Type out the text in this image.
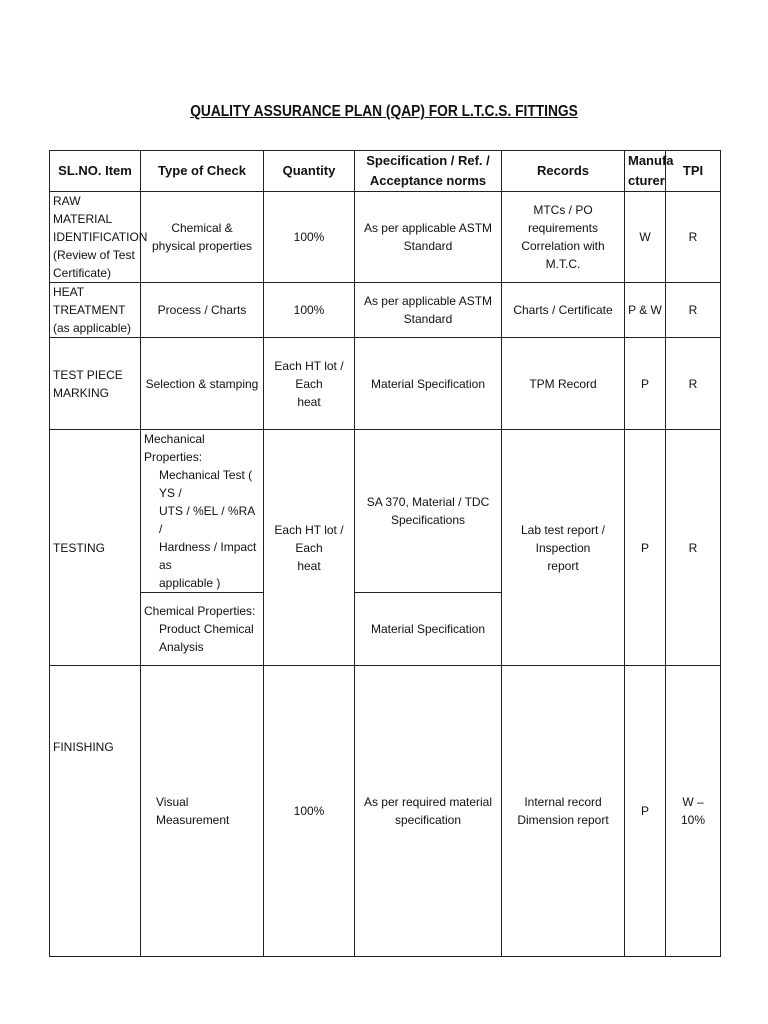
QUALITY ASSURANCE PLAN (QAP) FOR L.T.C.S. FITTINGS
SL.NO. Item	Type of Check	Quantity	Specification / Ref. /
Acceptance norms	Records	Manufa
cturer	TPI

RAW MATERIAL
IDENTIFICATION
(Review of Test
Certificate)	Chemical &
physical properties	100%	As per applicable ASTM Standard	MTCs / PO requirements
Correlation with M.T.C.	W	R

HEAT TREATMENT
(as applicable)	Process / Charts	100%	As per applicable ASTM Standard	Charts / Certificate	P & W	R

TEST PIECE
MARKING	Selection & stamping	Each HT lot / Each
heat	Material Specification	TPM Record	P	R
TESTING	Mechanical Properties:
Mechanical Test ( YS /
UTS / %EL / %RA /
Hardness / Impact as
applicable )	Each HT lot / Each
heat	SA 370, Material / TDC
Specifications	Lab test report / Inspection
report	P	R

	Chemical Properties:
Product Chemical
Analysis		Material Specification			
FINISHING	Visual
Measurement	100%	As per required material
specification	Internal record
Dimension report	P	W – 10%
